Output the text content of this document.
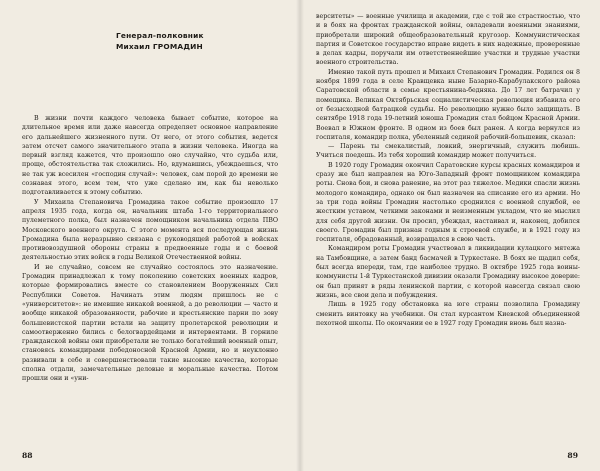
Генерал-полковник
Михаил ГРОМАДИН

В жизни почти каждого человека бывает событие, которое на длительное время или даже навсегда определяет основное направление его дальнейшего жизненного пути. От него, от этого события, ведется затем отсчет самого значительного этапа в жизни человека. Иногда на первый взгляд кажется, что произошло оно случайно, что судьба или, проще, обстоятельства так сложились. Но, вдумавшись, убеждаешься, что не так уж всесилен «господин случай»: человек, сам порой до времени не сознавая этого, всем тем, что уже сделано им, как бы неволько подготавливается к этому событию.

У Михаила Степановича Громадина такое событие произошло 17 апреля 1935 года, когда он, начальник штаба 1-го территориального пулеметного полка, был назначен помощником начальника отдела ПВО Московского военного округа. С этого момента вся последующая жизнь Громадина была неразрывно связана с руководящей работой в войсках противовоздушной обороны страны в предвоенные годы и с боевой деятельностью этих войск в годы Великой Отечественной войны.

И не случайно, совсем не случайно состоялось это назначение. Громадин принадлежал к тому поколению советских военных кадров, которые формировались вместе со становлением Вооруженных Сил Республики Советов. Начинать этим людям пришлось не с «университетов»: не имевшие никакой военной, а до революции — часто и вообще никакой образованности, рабочие и крестьянские парни по зову большевистской партии встали на защиту пролетарской революции и самоотверженно бились с белогвардейцами и интервентами. В горниле гражданской войны они приобретали не только богатейший военный опыт, становясь командирами победоносной Красной Армии, но и неуклонно развивали в себе и совершенствовали такие высокие качества, которые сполна отдали, замечательные деловые и моральные качества. Потом прошли они и «уни-

88

верситеты» — военные училища и академии, где с той же страстностью, что и в боях на фронтах гражданской войны, овладевали военными знаниями, приобретали широкий общеобразовательный кругозор. Коммунистическая партия и Советское государство вправе видеть в них надежные, проверенные в делах кадры, поручали им ответственнейшие участки и трудные участки военного строительства.

Именно такой путь прошел и Михаил Степанович Громадин. Родился он 8 ноября 1899 года в селе Кравщевка ныне Базарно-Карабулакского района Саратовской области в семье крестьянина-бедняка. До 17 лет батрачил у помещика. Великая Октябрьская социалистическая революция избавила его от безысходной батрацкой судьбы. Но революцию нужно было защищать. В сентябре 1918 года 19-летний юноша Громадин стал бойцом Красной Армии. Воевал в Южном фронте. В одном из боев был ранен. А когда вернулся из госпиталя, командир полка, убеленный сединой рабочий-большевик, сказал:

— Парень ты смекалистый, ловкий, энергичный, служить любишь. Учиться поедешь. Из тебя хороший командир может получиться.

В 1920 году Громадин окончил Саратовские курсы красных командиров и сразу же был направлен на Юго-Западный фронт помощником командира роты. Снова бои, и снова ранение, на этот раз тяжелое. Медики спасли жизнь молодого командира, однако он был назначен на списание его из армии. Но за три года войны Громадин настолько сроднился с военной службой, ее жестким уставом, четкими законами и неизменным укладом, что не мыслил для себя другой жизни. Он просил, убеждал, настаивал и, наконец, добился своего. Громадин был признан годным к строевой службе, и в 1921 году из госпиталя, обрадованный, возвращался в свою часть.

Командиром роты Громадин участвовал в ликвидации кулацкого мятежа на Тамбовщине, а затем банд басмачей в Туркестане. В боях не щадил себя, был всегда впереди, там, где наиболее трудно. В октябре 1925 года воины-коммунисты 1-й Туркестанской дивизии оказали Громадину высокое доверие: он был принят в ряды ленинской партии, с которой навсегда связал свою жизнь, все свои дела и побуждения.

Лишь в 1925 году обстановка на юге страны позволила Громадину сменить винтовку на учебники. Он стал курсантом Киевской объединенной пехотной школы. По окончании ее в 1927 году Громадин вновь был назна-

89
